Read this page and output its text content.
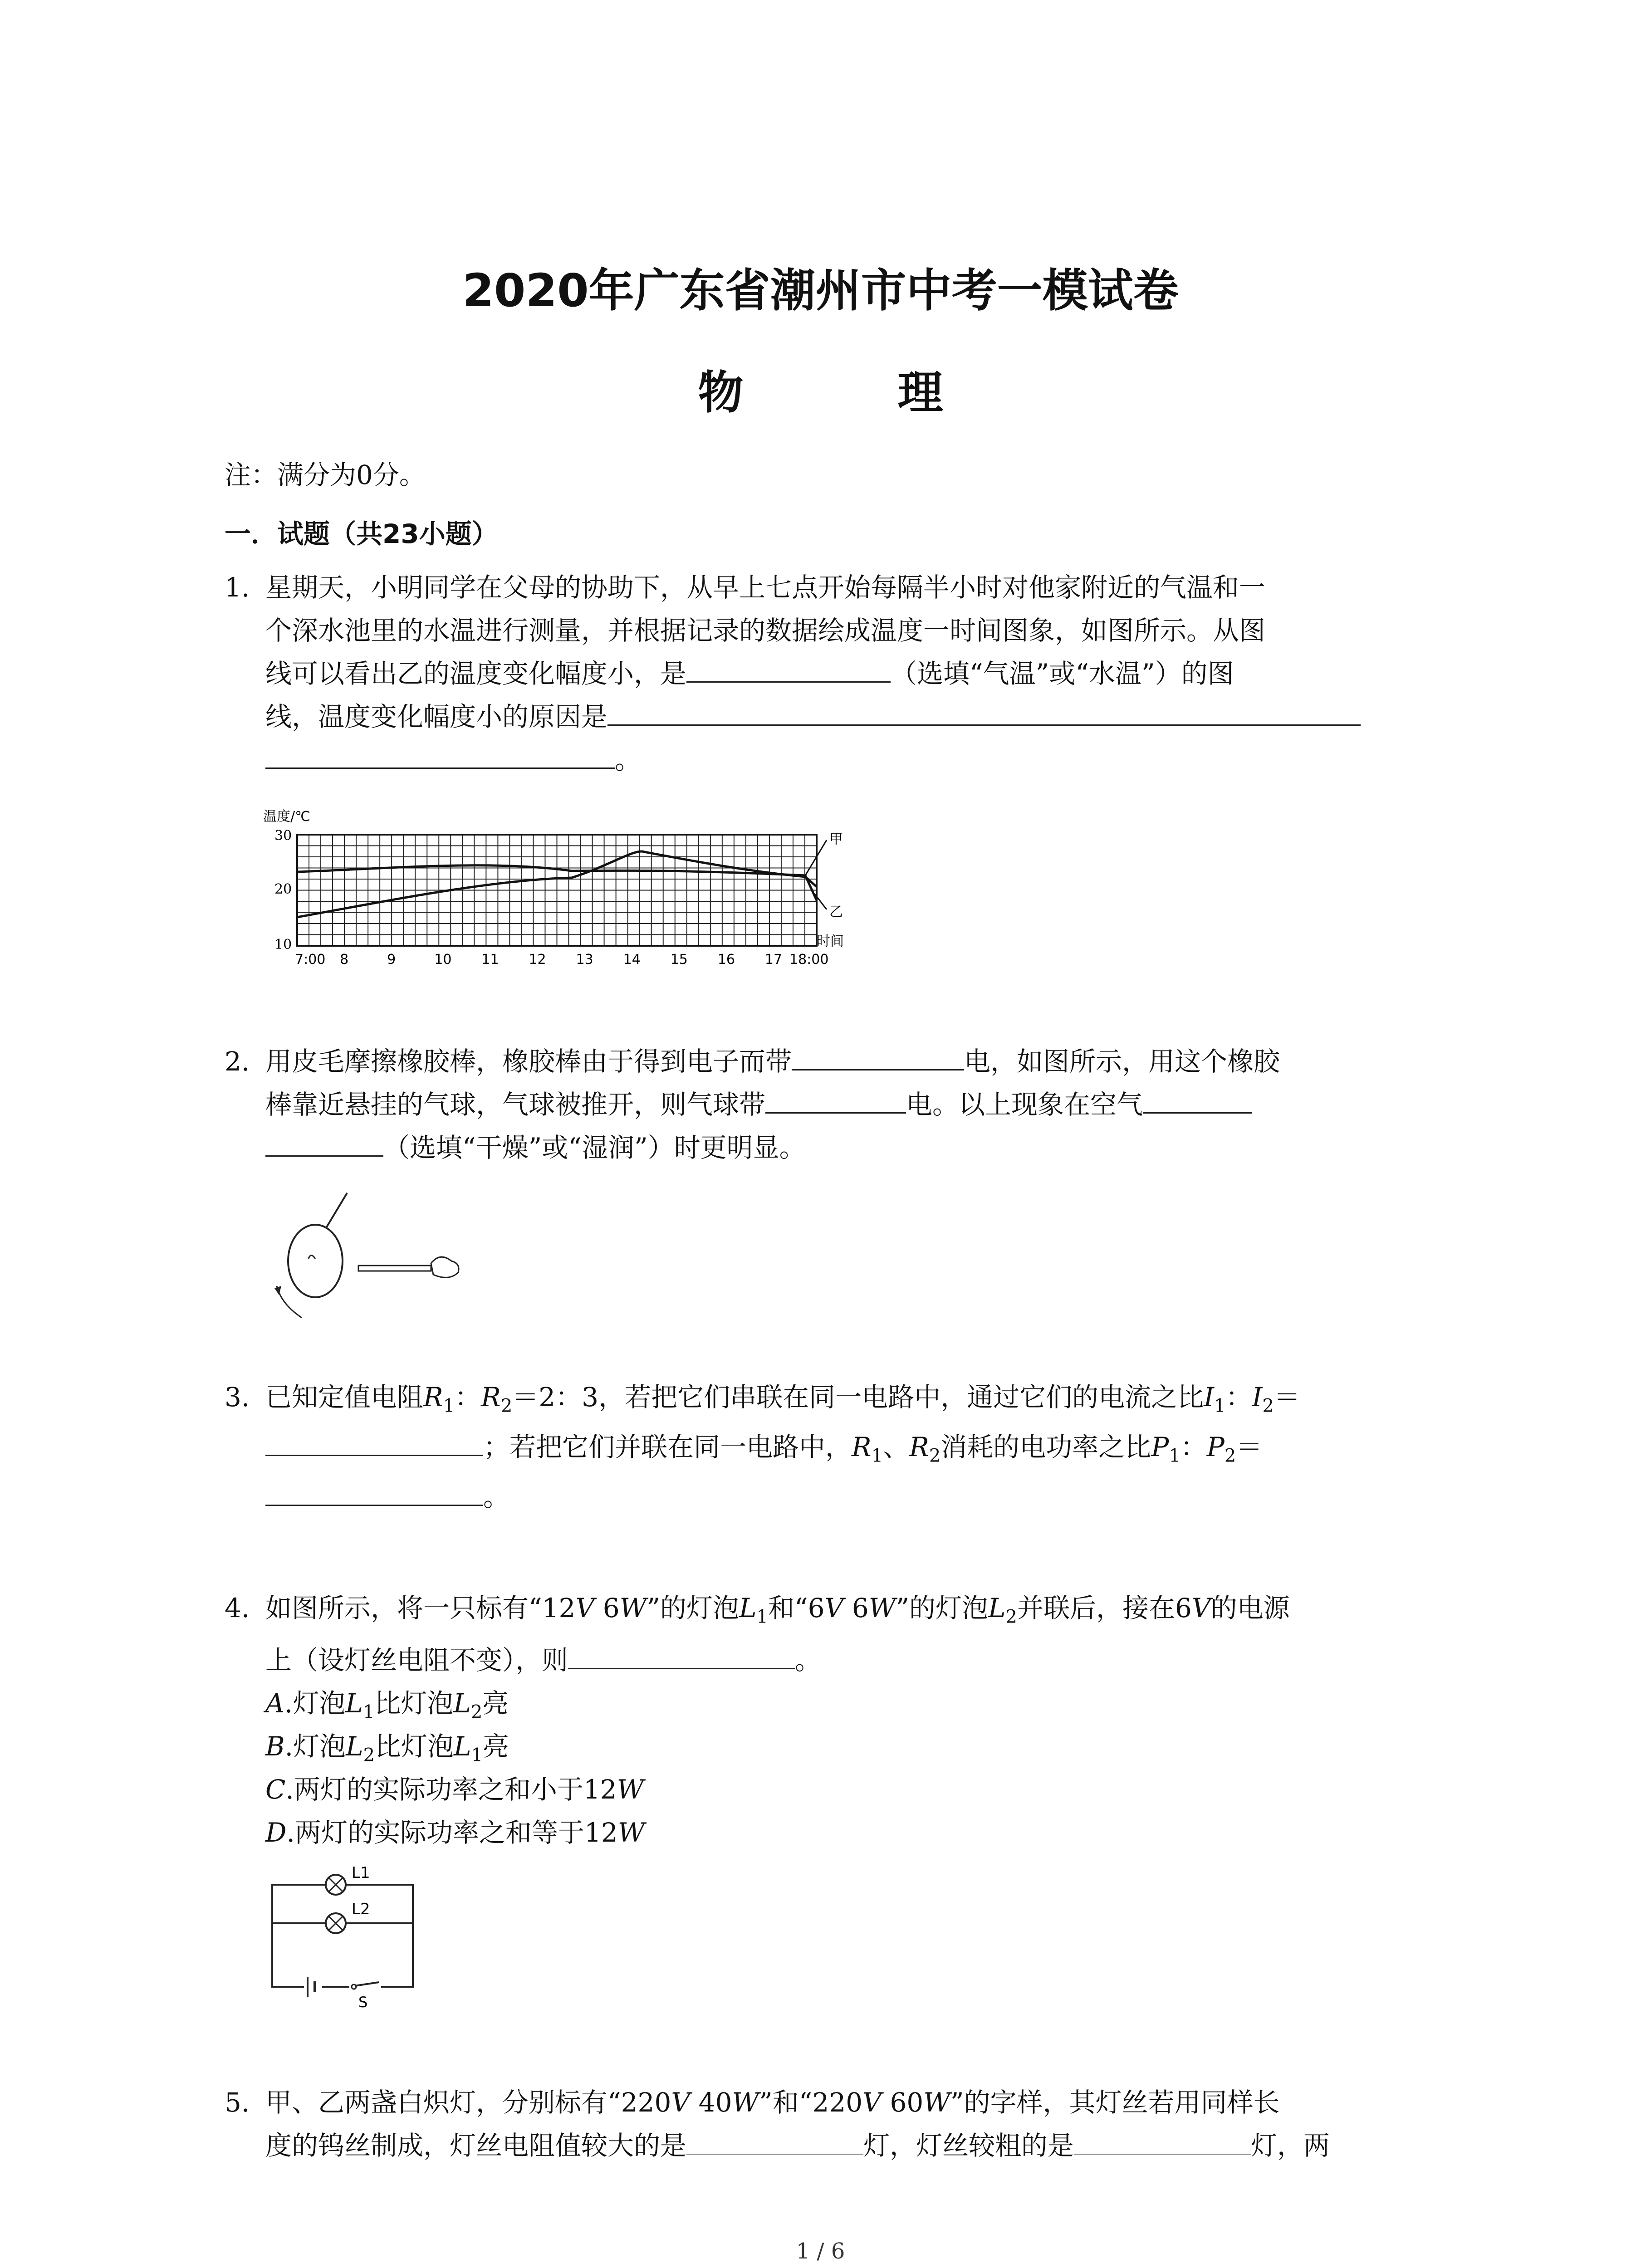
2020年广东省潮州市中考一模试卷
物　理
注：满分为0分。
一．试题（共23小题）
1. 星期天，小明同学在父母的协助下，从早上七点开始每隔半小时对他家附近的气温和一
个深水池里的水温进行测量，并根据记录的数据绘成温度一时间图象，如图所示。从图
线可以看出乙的温度变化幅度小，是	（选填“气温”或“水温”）的图
线，温度变化幅度小的原因是
。
温度/℃
30
20
10
甲
乙
时间
7:00 8	9	10 11 12 13 14 15 16 17 18:00
2. 用皮毛摩擦橡胶棒，橡胶棒由于得到电子而带	电，如图所示，用这个橡胶
棒靠近悬挂的气球，气球被推开，则气球带	电。以上现象在空气
（选填“干燥”或“湿润”）时更明显。
3. 已知定值电阻$R_1$：$R_2=2$：3，若把它们串联在同一电路中，通过它们的电流之比$I_1$：$I_2=$
；若把它们并联在同一电路中，$R_1$、$R_2$消耗的电功率之比$P_1$：$P_2=$
。
4. 如图所示，将一只标有“12V 6W”的灯泡$L_1$和“6V 6W”的灯泡$L_2$并联后，接在6V的电源
上（设灯丝电阻不变），则	。
A.灯泡$L_1$比灯泡$L_2$亮
B.灯泡$L_2$比灯泡$L_1$亮
C.两灯的实际功率之和小于12W
D.两灯的实际功率之和等于12W
L1
L2
S
5. 甲、乙两盏白炽灯，分别标有“220V 40W”和“220V 60W”的字样，其灯丝若用同样长
度的钨丝制成，灯丝电阻值较大的是	灯，灯丝较粗的是	灯，两
1 / 6
